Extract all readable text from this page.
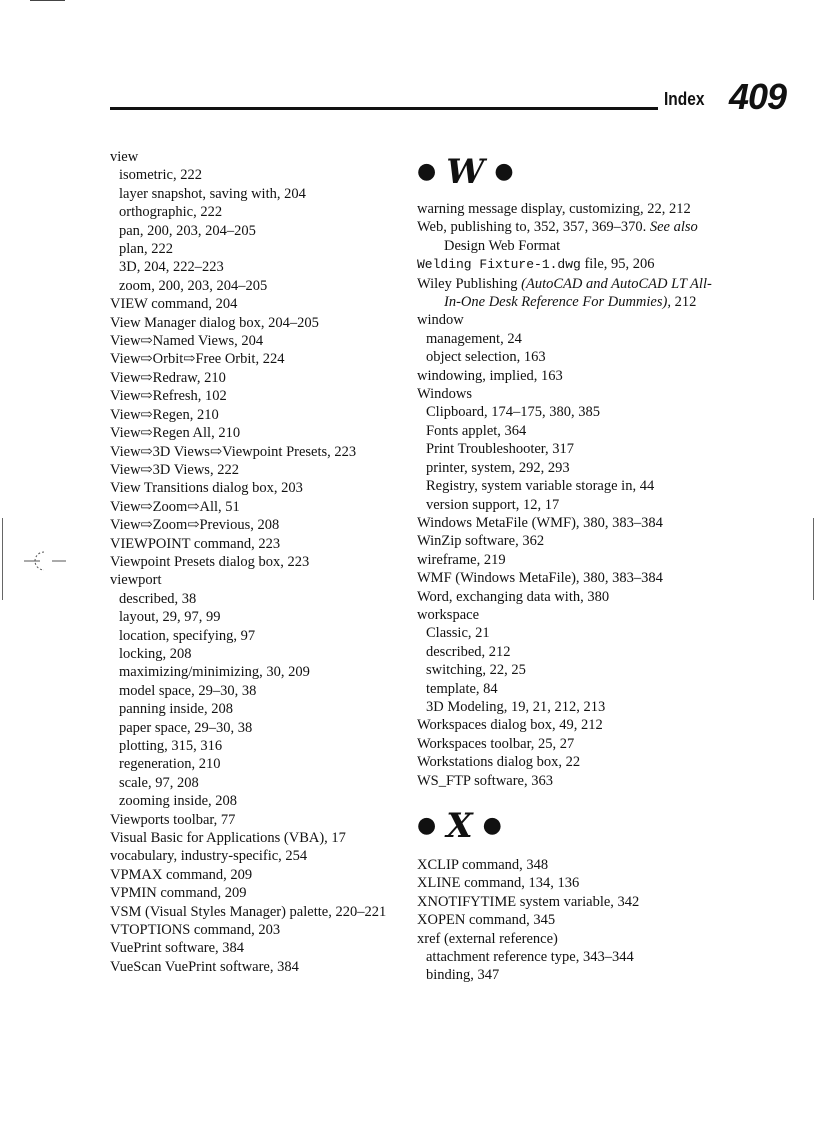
Index 409

view

isometric, 222

layer snapshot, saving with, 204

orthographic, 222

pan, 200, 203, 204–205

plan, 222

3D, 204, 222–223

zoom, 200, 203, 204–205

VIEW command, 204

View Manager dialog box, 204–205

View⇨Named Views, 204

View⇨Orbit⇨Free Orbit, 224

View⇨Redraw, 210

View⇨Refresh, 102

View⇨Regen, 210

View⇨Regen All, 210

View⇨3D Views⇨Viewpoint Presets, 223

View⇨3D Views, 222

View Transitions dialog box, 203

View⇨Zoom⇨All, 51

View⇨Zoom⇨Previous, 208

VIEWPOINT command, 223

Viewpoint Presets dialog box, 223

viewport

described, 38

layout, 29, 97, 99

location, specifying, 97

locking, 208

maximizing/minimizing, 30, 209

model space, 29–30, 38

panning inside, 208

paper space, 29–30, 38

plotting, 315, 316

regeneration, 210

scale, 97, 208

zooming inside, 208

Viewports toolbar, 77

Visual Basic for Applications (VBA), 17

vocabulary, industry-specific, 254

VPMAX command, 209

VPMIN command, 209

VSM (Visual Styles Manager) palette, 220–221

VTOPTIONS command, 203

VuePrint software, 384

VueScan VuePrint software, 384

● W ●

warning message display, customizing, 22, 212

Web, publishing to, 352, 357, 369–370. See also Design Web Format

Welding Fixture-1.dwg file, 95, 206

Wiley Publishing (AutoCAD and AutoCAD LT All-In-One Desk Reference For Dummies), 212

window

management, 24

object selection, 163

windowing, implied, 163

Windows

Clipboard, 174–175, 380, 385

Fonts applet, 364

Print Troubleshooter, 317

printer, system, 292, 293

Registry, system variable storage in, 44

version support, 12, 17

Windows MetaFile (WMF), 380, 383–384

WinZip software, 362

wireframe, 219

WMF (Windows MetaFile), 380, 383–384

Word, exchanging data with, 380

workspace

Classic, 21

described, 212

switching, 22, 25

template, 84

3D Modeling, 19, 21, 212, 213

Workspaces dialog box, 49, 212

Workspaces toolbar, 25, 27

Workstations dialog box, 22

WS_FTP software, 363

● X ●

XCLIP command, 348

XLINE command, 134, 136

XNOTIFYTIME system variable, 342

XOPEN command, 345

xref (external reference)

attachment reference type, 343–344

binding, 347
